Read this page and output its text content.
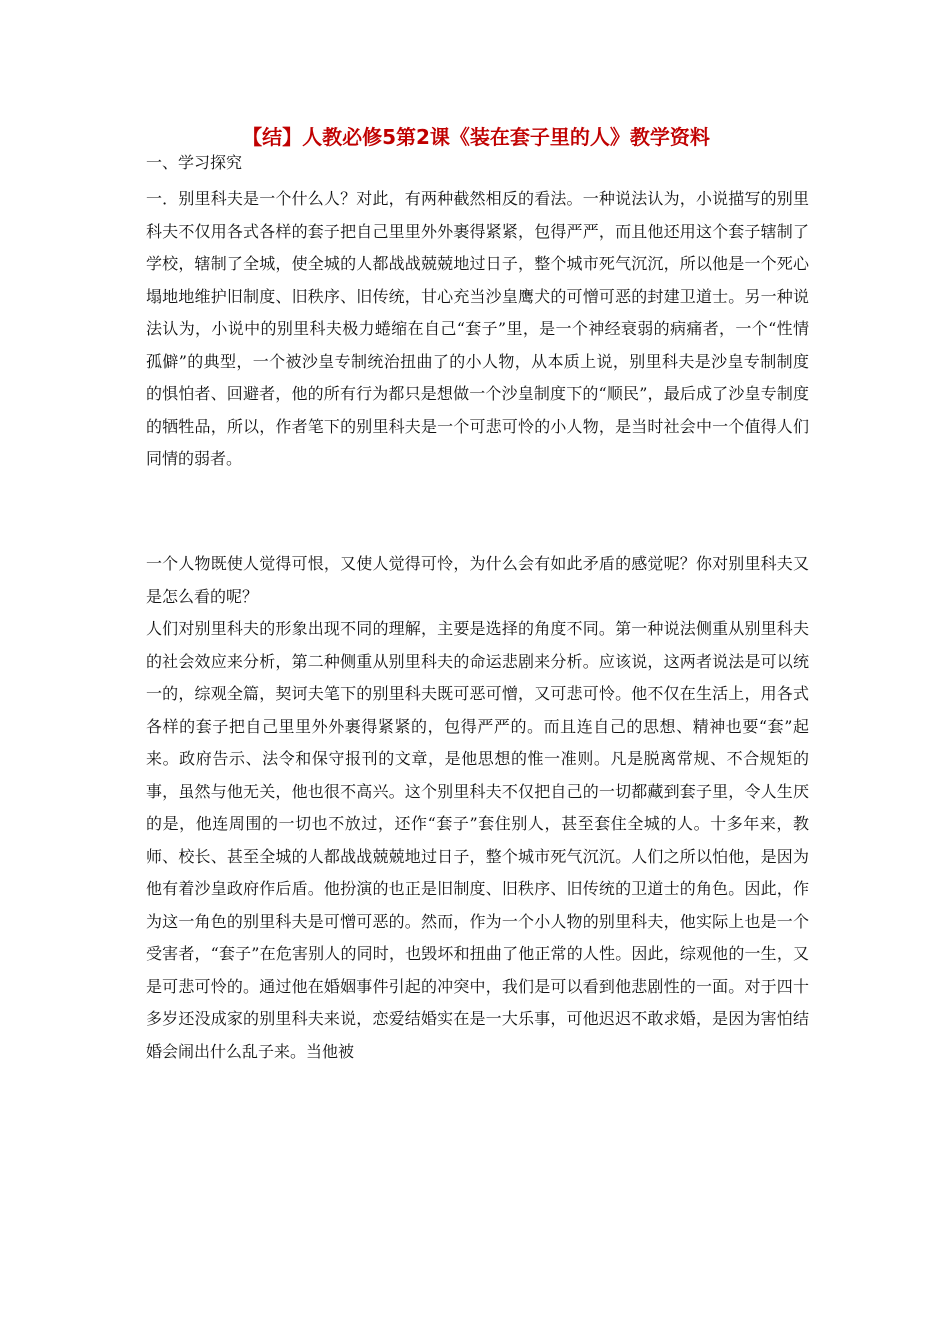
【结】人教必修5第2课《装在套子里的人》教学资料
一、学习探究

一．别里科夫是一个什么人？对此，有两种截然相反的看法。一种说法认为，小说描写的别里科夫不仅用各式各样的套子把自己里里外外裹得紧紧，包得严严，而且他还用这个套子辖制了学校，辖制了全城，使全城的人都战战兢兢地过日子，整个城市死气沉沉，所以他是一个死心塌地地维护旧制度、旧秩序、旧传统，甘心充当沙皇鹰犬的可憎可恶的封建卫道士。另一种说法认为，小说中的别里科夫极力蜷缩在自己“套子”里，是一个神经衰弱的病痛者，一个“性情孤僻”的典型，一个被沙皇专制统治扭曲了的小人物，从本质上说，别里科夫是沙皇专制制度的惧怕者、回避者，他的所有行为都只是想做一个沙皇制度下的“顺民”，最后成了沙皇专制度的牺牲品，所以，作者笔下的别里科夫是一个可悲可怜的小人物，是当时社会中一个值得人们同情的弱者。

一个人物既使人觉得可恨，又使人觉得可怜，为什么会有如此矛盾的感觉呢？你对别里科夫又是怎么看的呢？

人们对别里科夫的形象出现不同的理解，主要是选择的角度不同。第一种说法侧重从别里科夫的社会效应来分析，第二种侧重从别里科夫的命运悲剧来分析。应该说，这两者说法是可以统一的，综观全篇，契诃夫笔下的别里科夫既可恶可憎，又可悲可怜。他不仅在生活上，用各式各样的套子把自己里里外外裹得紧紧的，包得严严的。而且连自己的思想、精神也要“套”起来。政府告示、法令和保守报刊的文章，是他思想的惟一准则。凡是脱离常规、不合规矩的事，虽然与他无关，他也很不高兴。这个别里科夫不仅把自己的一切都藏到套子里，令人生厌的是，他连周围的一切也不放过，还作“套子”套住别人，甚至套住全城的人。十多年来，教师、校长、甚至全城的人都战战兢兢地过日子，整个城市死气沉沉。人们之所以怕他，是因为他有着沙皇政府作后盾。他扮演的也正是旧制度、旧秩序、旧传统的卫道士的角色。因此，作为这一角色的别里科夫是可憎可恶的。然而，作为一个小人物的别里科夫，他实际上也是一个受害者，“套子”在危害别人的同时，也毁坏和扭曲了他正常的人性。因此，综观他的一生，又是可悲可怜的。通过他在婚姻事件引起的冲突中，我们是可以看到他悲剧性的一面。对于四十多岁还没成家的别里科夫来说，恋爱结婚实在是一大乐事，可他迟迟不敢求婚，是因为害怕结婚会闹出什么乱子来。当他被
